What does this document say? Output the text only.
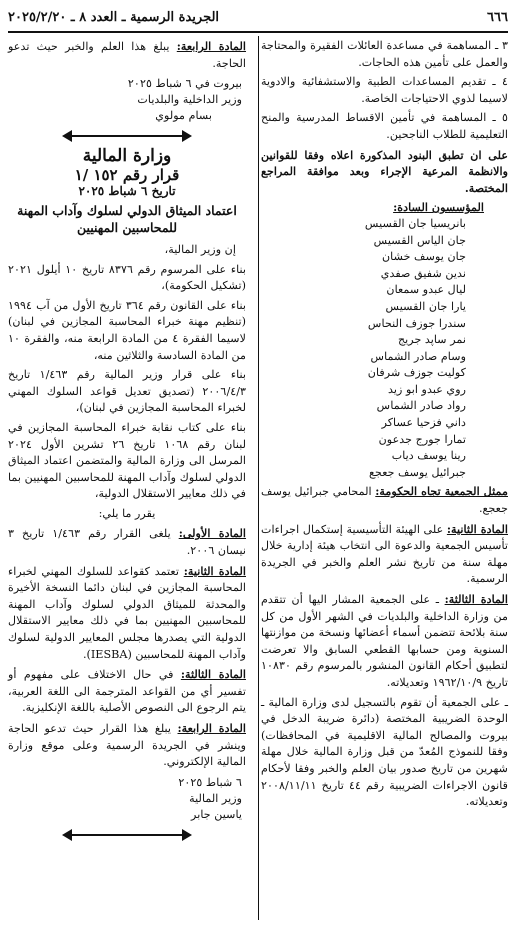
٦٦٦
الجريدة الرسمية ـ العدد ٨ ـ ٢٠٢٥/٢/٢٠

٣ ـ المساهمة في مساعدة العائلات الفقيرة والمحتاجة والعمل على تأمين هذه الحاجات.

٤ ـ تقديم المساعدات الطبية والاستشفائية والادوية لاسيما لذوي الاحتياجات الخاصة.

٥ ـ المساهمة في تأمين الاقساط المدرسية والمنح التعليمية للطلاب الناجحين.

على ان تطبق البنود المذكورة اعلاه وفقا للقوانين والانظمة المرعية الإجراء وبعد موافقة المراجع المختصة.

المؤسسون السادة:

بانريسيا جان القسيس
جان الياس القسيس
جان يوسف خشان
ندين شفيق صفدي
ليال عبدو سمعان
يارا جان القسيس
سندرا جوزف النحاس
نمر ساپد جريج
وسام صادر الشماس
كوليت جوزف شرفان
روي عبدو ابو زيد
رواد صادر الشماس
داني فزحيا عساكر
تمارا جورج جدعون
رينا يوسف دياب
جبرائيل يوسف جعجع

ممثل الجمعية تجاه الحكومة: المحامي جبرائيل يوسف جعجع.

المادة الثانية: على الهيئة التأسيسية إستكمال اجراءات تأسيس الجمعية والدعوة الى انتخاب هيئة إدارية خلال مهلة سنة من تاريخ نشر العلم والخبر في الجريدة الرسمية.

المادة الثالثة: ـ على الجمعية المشار اليها أن تتقدم من وزارة الداخلية والبلديات في الشهر الأول من كل سنة بلائحة تتضمن أسماء أعضائها ونسخة من موازنتها السنوية ومن حسابها القطعي السابق والا تعرضت لتطبيق أحكام القانون المنشور بالمرسوم رقم ١٠٨٣٠ تاريخ ١٩٦٢/١٠/٩ وتعديلاته.

ـ على الجمعية أن تقوم بالتسجيل لدى وزارة المالية ـ الوحدة الضريبية المختصة (دائرة ضريبة الدخل في بيروت والمصالح المالية الاقليمية في المحافظات) وفقا للنموذج المُعدّ من قبل وزارة المالية خلال مهلة شهرين من تاريخ صدور بيان العلم والخبر وفقا لأحكام قانون الاجراءات الضريبية رقم ٤٤ تاريخ ٢٠٠٨/١١/١١ وتعديلاته.

المادة الرابعة: يبلغ هذا العلم والخبر حيث تدعو الحاجة.

بيروت في ٦ شباط ٢٠٢٥
وزير الداخلية والبلديات
بسام مولوي
وزارة المالية
قرار رقم ١٥٢ /١
تاريخ ٦ شباط ٢٠٢٥
اعتماد الميثاق الدولي لسلوك وآداب المهنة للمحاسبين المهنيين

إن وزير المالية،

بناء على المرسوم رقم ٨٣٧٦ تاريخ ١٠ أيلول ٢٠٢١ (تشكيل الحكومة)،

بناء على القانون رقم ٣٦٤ تاريخ الأول من آب ١٩٩٤ (تنظيم مهنة خبراء المحاسبة المجازين في لبنان) لاسيما الفقرة ٤ من المادة الرابعة منه، والفقرة ١٠ من المادة السادسة والثلاثين منه،

بناء على قرار وزير المالية رقم ١/٤٦٣ تاريخ ٢٠٠٦/٤/٣ (تصديق تعديل قواعد السلوك المهني لخبراء المحاسبة المجازين في لبنان)،

بناء على كتاب نقابة خبراء المحاسبة المجازين في لبنان رقم ١٠٦٨ تاريخ ٢٦ تشرين الأول ٢٠٢٤ المرسل الى وزارة المالية والمتضمن اعتماد الميثاق الدولي لسلوك وآداب المهنة للمحاسبين المهنيين بما في ذلك معايير الاستقلال الدولية،

يقرر ما يلي:

المادة الأولى: يلغى القرار رقم ١/٤٦٣ تاريخ ٣ نيسان ٢٠٠٦.

المادة الثانية: تعتمد كقواعد للسلوك المهني لخبراء المحاسبة المجازين في لبنان دائما النسخة الأخيرة والمحدثة للميثاق الدولي لسلوك وآداب المهنة للمحاسبين المهنيين بما في ذلك معايير الاستقلال الدولية التي يصدرها مجلس المعايير الدولية لسلوك وآداب المهنة للمحاسبين (IESBA).

المادة الثالثة: في حال الاختلاف على مفهوم أو تفسير أي من القواعد المترجمة الى اللغة العربية، يتم الرجوع الى النصوص الأصلية باللغة الإنكليزية.

المادة الرابعة: يبلغ هذا القرار حيث تدعو الحاجة وينشر في الجريدة الرسمية وعلى موقع وزارة المالية الإلكتروني.

٦ شباط ٢٠٢٥
وزير المالية
ياسين جابر
